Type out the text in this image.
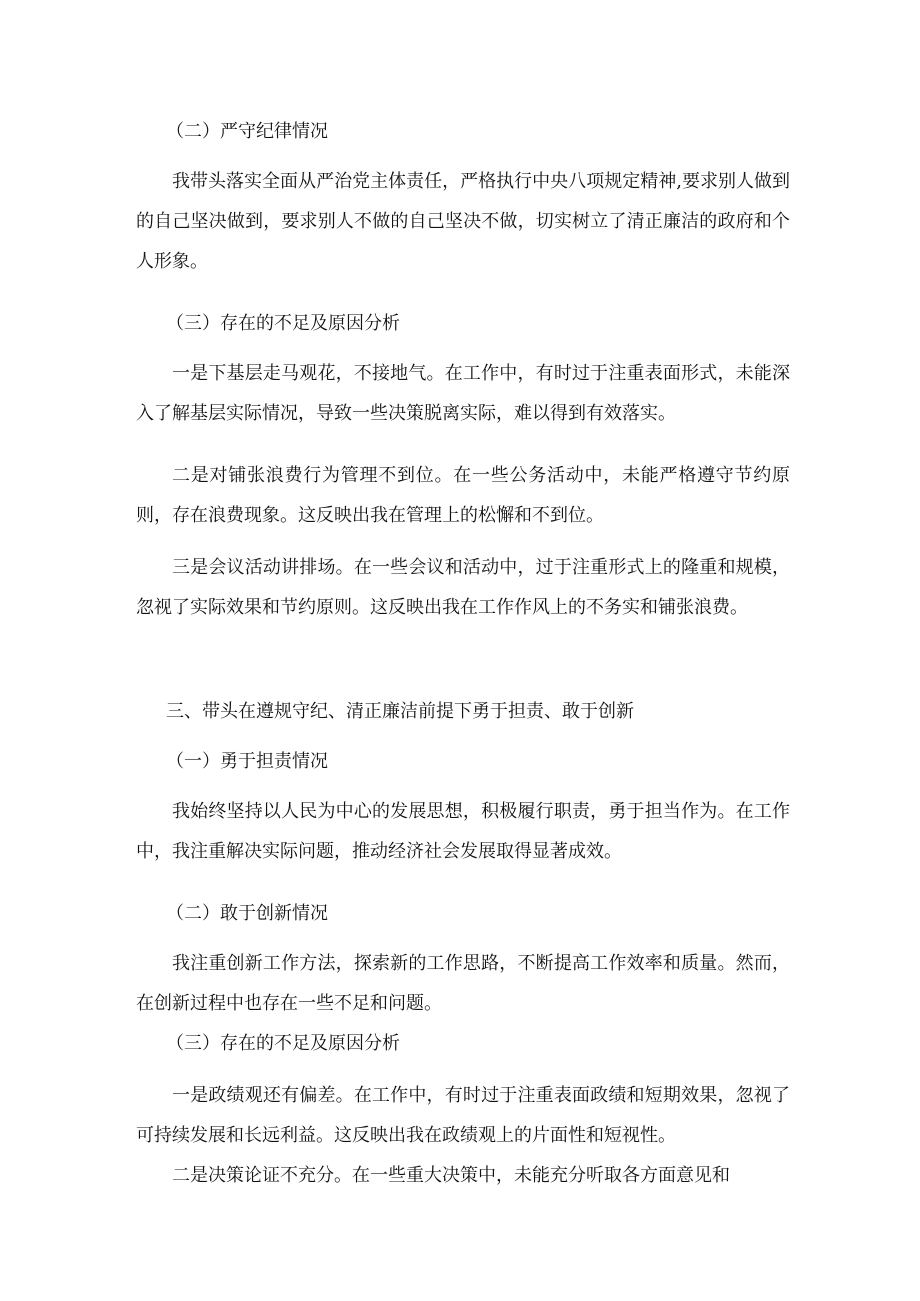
（二）严守纪律情况

我带头落实全面从严治党主体责任，严格执行中央八项规定精神,要求别人做到的自己坚决做到，要求别人不做的自己坚决不做，切实树立了清正廉洁的政府和个人形象。

（三）存在的不足及原因分析

一是下基层走马观花，不接地气。在工作中，有时过于注重表面形式，未能深入了解基层实际情况，导致一些决策脱离实际，难以得到有效落实。

二是对铺张浪费行为管理不到位。在一些公务活动中，未能严格遵守节约原则，存在浪费现象。这反映出我在管理上的松懈和不到位。

三是会议活动讲排场。在一些会议和活动中，过于注重形式上的隆重和规模，忽视了实际效果和节约原则。这反映出我在工作作风上的不务实和铺张浪费。

三、带头在遵规守纪、清正廉洁前提下勇于担责、敢于创新

（一）勇于担责情况

我始终坚持以人民为中心的发展思想，积极履行职责，勇于担当作为。在工作中，我注重解决实际问题，推动经济社会发展取得显著成效。

（二）敢于创新情况

我注重创新工作方法，探索新的工作思路，不断提高工作效率和质量。然而，在创新过程中也存在一些不足和问题。

（三）存在的不足及原因分析

一是政绩观还有偏差。在工作中，有时过于注重表面政绩和短期效果，忽视了可持续发展和长远利益。这反映出我在政绩观上的片面性和短视性。

二是决策论证不充分。在一些重大决策中，未能充分听取各方面意见和
